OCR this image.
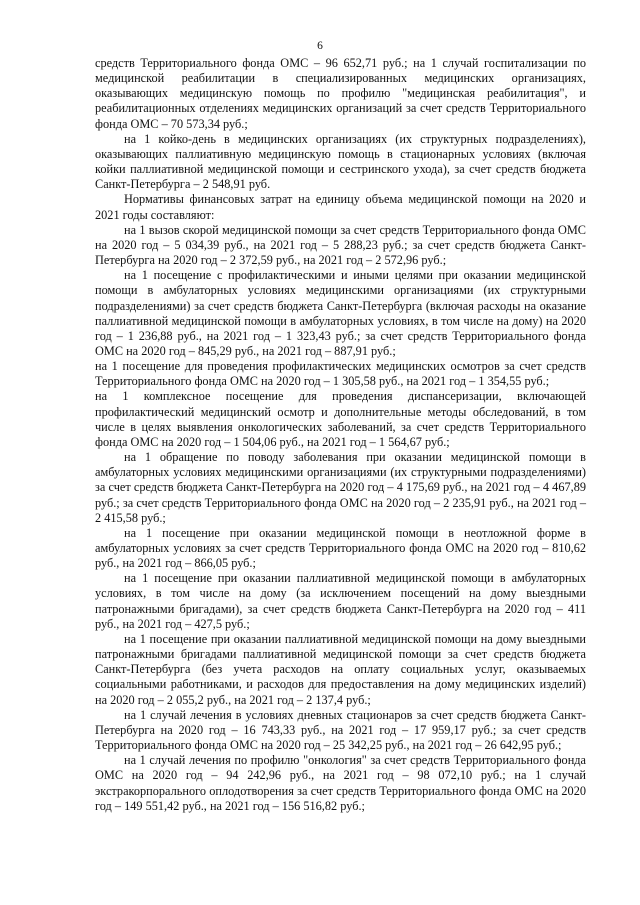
6

средств Территориального фонда ОМС – 96 652,71 руб.; на 1 случай госпитализации по медицинской реабилитации в специализированных медицинских организациях, оказывающих медицинскую помощь по профилю "медицинская реабилитация", и реабилитационных отделениях медицинских организаций за счет средств Территориального фонда ОМС – 70 573,34 руб.;

на 1 койко-день в медицинских организациях (их структурных подразделениях), оказывающих паллиативную медицинскую помощь в стационарных условиях (включая койки паллиативной медицинской помощи и сестринского ухода), за счет средств бюджета Санкт-Петербурга – 2 548,91 руб.

Нормативы финансовых затрат на единицу объема медицинской помощи на 2020 и 2021 годы составляют:

на 1 вызов скорой медицинской помощи за счет средств Территориального фонда ОМС на 2020 год – 5 034,39 руб., на 2021 год – 5 288,23 руб.; за счет средств бюджета Санкт-Петербурга на 2020 год – 2 372,59 руб., на 2021 год – 2 572,96 руб.;

на 1 посещение с профилактическими и иными целями при оказании медицинской помощи в амбулаторных условиях медицинскими организациями (их структурными подразделениями) за счет средств бюджета Санкт-Петербурга (включая расходы на оказание паллиативной медицинской помощи в амбулаторных условиях, в том числе на дому) на 2020 год – 1 236,88 руб., на 2021 год – 1 323,43 руб.; за счет средств Территориального фонда ОМС на 2020 год – 845,29 руб., на 2021 год – 887,91 руб.;

на 1 посещение для проведения профилактических медицинских осмотров за счет средств Территориального фонда ОМС на 2020 год – 1 305,58 руб., на 2021 год – 1 354,55 руб.;

на 1 комплексное посещение для проведения диспансеризации, включающей профилактический медицинский осмотр и дополнительные методы обследований, в том числе в целях выявления онкологических заболеваний, за счет средств Территориального фонда ОМС на 2020 год – 1 504,06 руб., на 2021 год – 1 564,67 руб.;

на 1 обращение по поводу заболевания при оказании медицинской помощи в амбулаторных условиях медицинскими организациями (их структурными подразделениями) за счет средств бюджета Санкт-Петербурга на 2020 год – 4 175,69 руб., на 2021 год – 4 467,89 руб.; за счет средств Территориального фонда ОМС на 2020 год – 2 235,91 руб., на 2021 год – 2 415,58 руб.;

на 1 посещение при оказании медицинской помощи в неотложной форме в амбулаторных условиях за счет средств Территориального фонда ОМС на 2020 год – 810,62 руб., на 2021 год – 866,05 руб.;

на 1 посещение при оказании паллиативной медицинской помощи в амбулаторных условиях, в том числе на дому (за исключением посещений на дому выездными патронажными бригадами), за счет средств бюджета Санкт-Петербурга на 2020 год – 411 руб., на 2021 год – 427,5 руб.;

на 1 посещение при оказании паллиативной медицинской помощи на дому выездными патронажными бригадами паллиативной медицинской помощи за счет средств бюджета Санкт-Петербурга (без учета расходов на оплату социальных услуг, оказываемых социальными работниками, и расходов для предоставления на дому медицинских изделий) на 2020 год – 2 055,2 руб., на 2021 год – 2 137,4 руб.;

на 1 случай лечения в условиях дневных стационаров за счет средств бюджета Санкт-Петербурга на 2020 год – 16 743,33 руб., на 2021 год – 17 959,17 руб.; за счет средств Территориального фонда ОМС на 2020 год – 25 342,25 руб., на 2021 год – 26 642,95 руб.;

на 1 случай лечения по профилю "онкология" за счет средств Территориального фонда ОМС на 2020 год – 94 242,96 руб., на 2021 год – 98 072,10 руб.; на 1 случай экстракорпорального оплодотворения за счет средств Территориального фонда ОМС на 2020 год – 149 551,42 руб., на 2021 год – 156 516,82 руб.;
